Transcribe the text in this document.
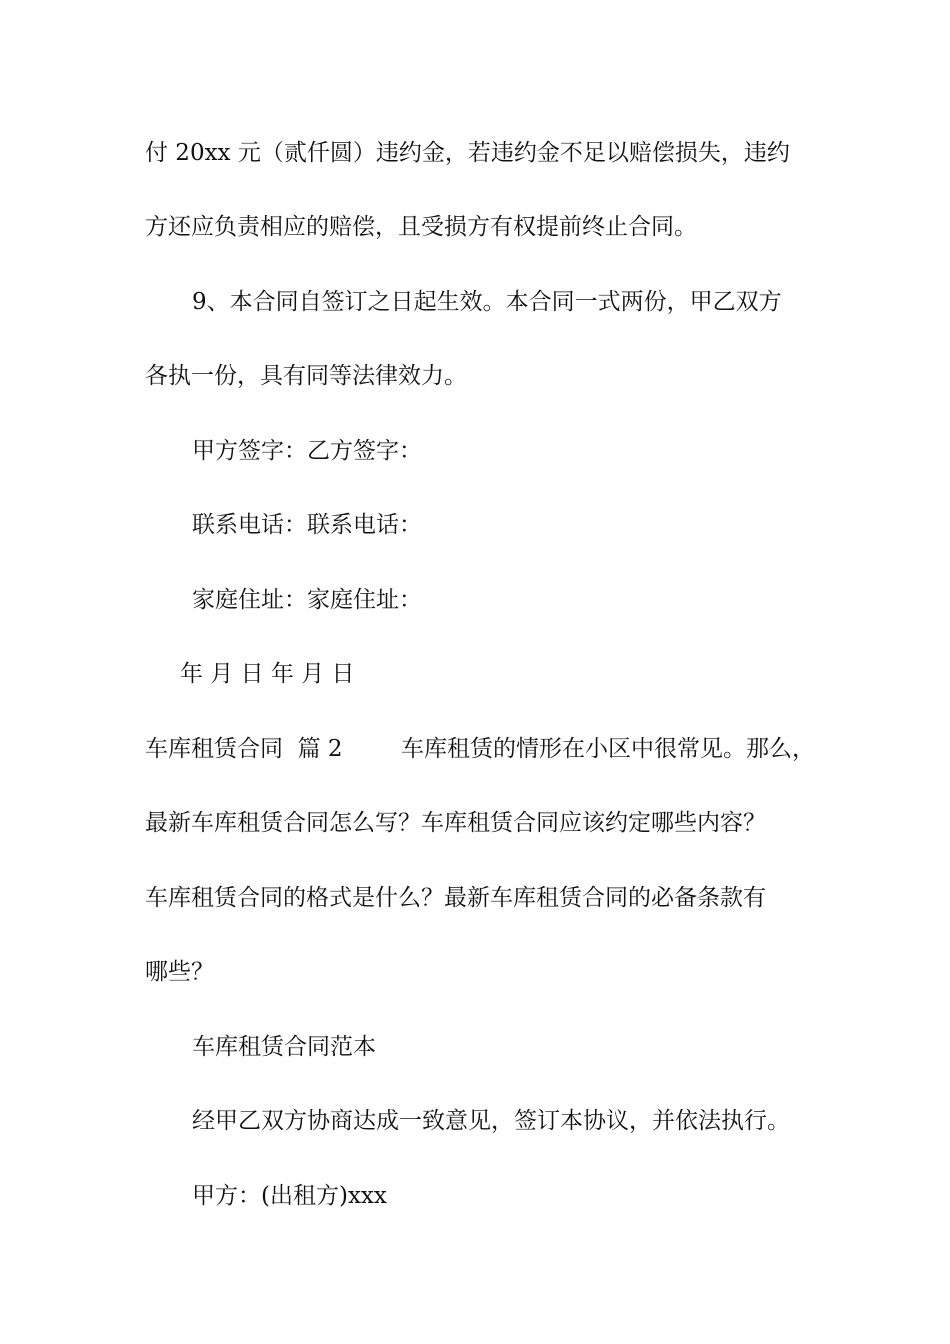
付 20xx 元（贰仟圆）违约金，若违约金不足以赔偿损失，违约
方还应负责相应的赔偿，且受损方有权提前终止合同。
9、本合同自签订之日起生效。本合同一式两份，甲乙双方
各执一份，具有同等法律效力。
甲方签字：乙方签字：
联系电话：联系电话：
家庭住址：家庭住址：
年 月 日 年 月 日
车库租赁合同  篇 2        车库租赁的情形在小区中很常见。那么，
最新车库租赁合同怎么写？车库租赁合同应该约定哪些内容？
车库租赁合同的格式是什么？最新车库租赁合同的必备条款有
哪些？
车库租赁合同范本
经甲乙双方协商达成一致意见，签订本协议，并依法执行。
甲方：(出租方)xxx
